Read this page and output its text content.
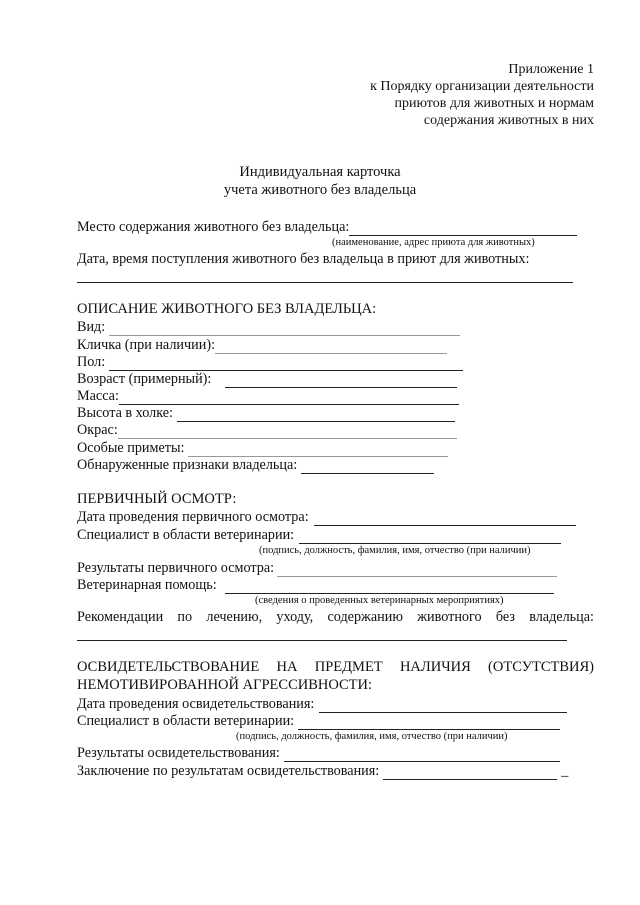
Приложение 1
к Порядку организации деятельности
приютов для животных и нормам
содержания животных в них
Индивидуальная карточка
учета животного без владельца
Место содержания животного без владельца:
(наименование, адрес приюта для животных)
Дата, время поступления животного без владельца в приют для животных:
ОПИСАНИЕ ЖИВОТНОГО БЕЗ ВЛАДЕЛЬЦА:
Вид:
Кличка (при наличии):
Пол:
Возраст (примерный):
Масса:
Высота в холке:
Окрас:
Особые приметы:
Обнаруженные признаки владельца:
ПЕРВИЧНЫЙ ОСМОТР:
Дата проведения первичного осмотра:
Специалист в области ветеринарии:
(подпись, должность, фамилия, имя, отчество (при наличии)
Результаты первичного осмотра:
Ветеринарная помощь:
(сведения о проведенных ветеринарных мероприятиях)
Рекомендации по лечению, уходу, содержанию животного без владельца:
ОСВИДЕТЕЛЬСТВОВАНИЕ НА ПРЕДМЕТ НАЛИЧИЯ (ОТСУТСТВИЯ)
НЕМОТИВИРОВАННОЙ АГРЕССИВНОСТИ:
Дата проведения освидетельствования:
Специалист в области ветеринарии:
(подпись, должность, фамилия, имя, отчество (при наличии)
Результаты освидетельствования:
Заключение по результатам освидетельствования:	_
